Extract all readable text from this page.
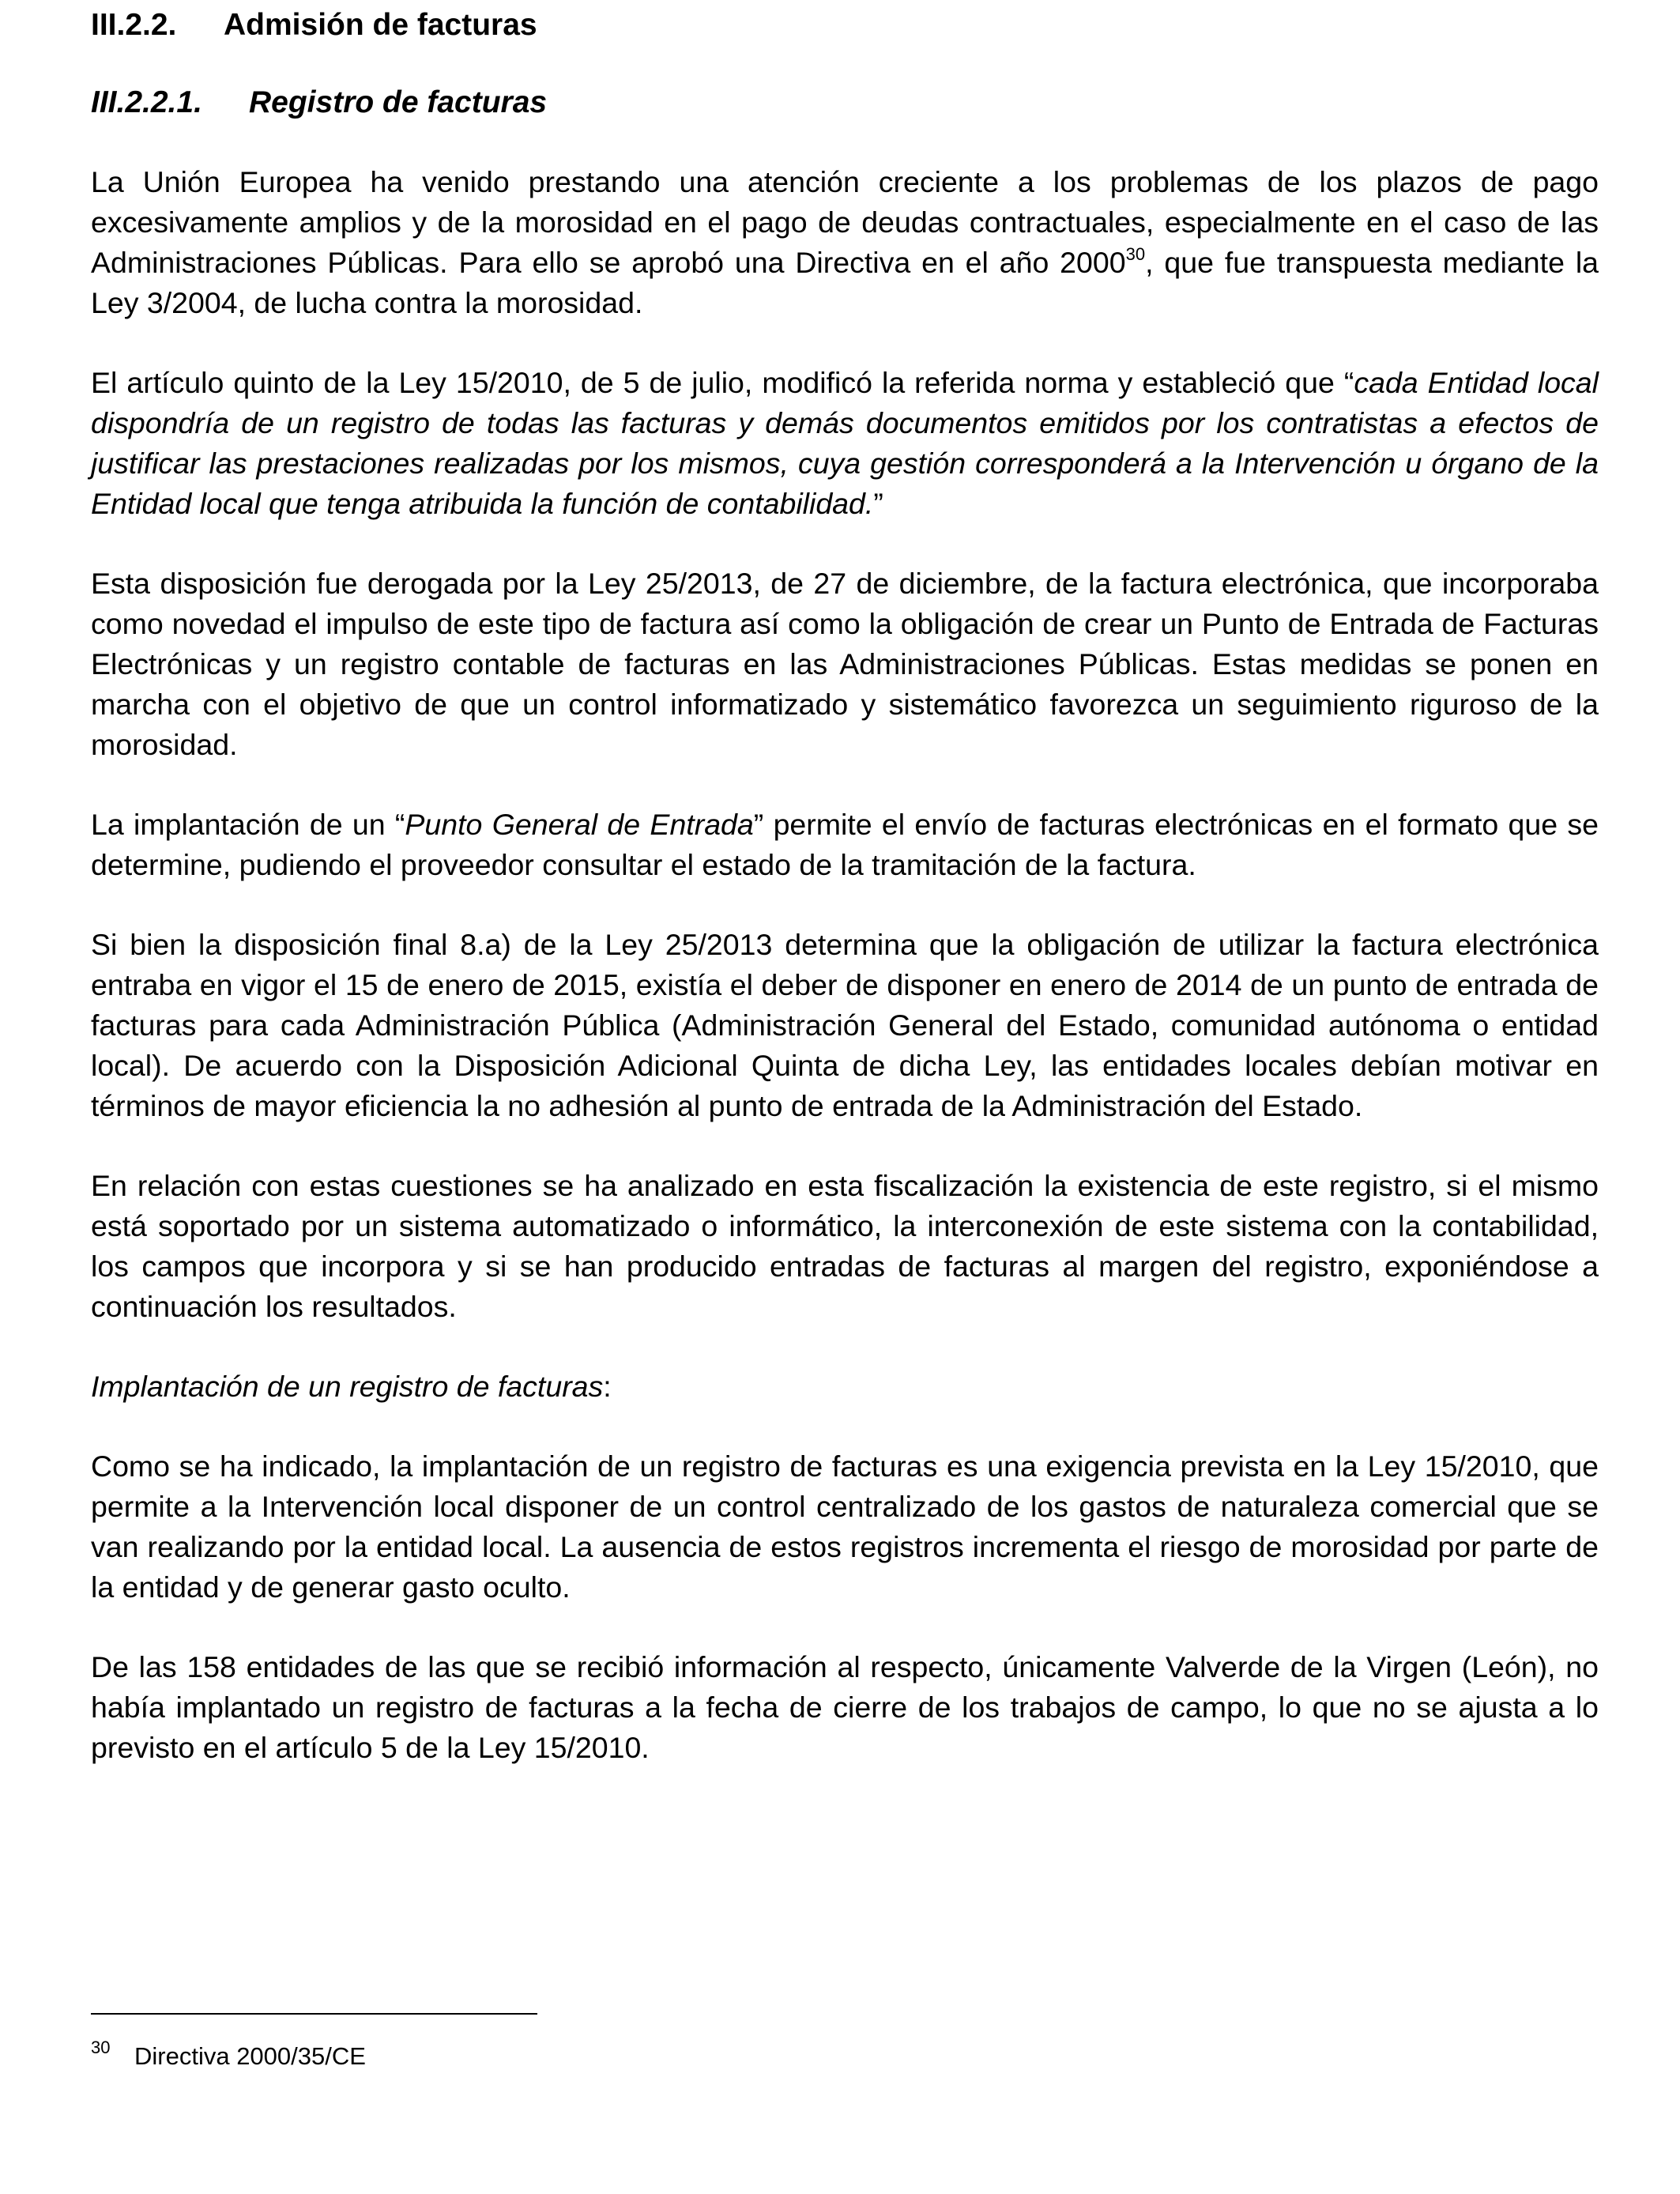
III.2.2. Admisión de facturas
III.2.2.1. Registro de facturas

La Unión Europea ha venido prestando una atención creciente a los problemas de los plazos de pago excesivamente amplios y de la morosidad en el pago de deudas contractuales, especialmente en el caso de las Administraciones Públicas. Para ello se aprobó una Directiva en el año 2000$^{30}$, que fue transpuesta mediante la Ley 3/2004, de lucha contra la morosidad.

El artículo quinto de la Ley 15/2010, de 5 de julio, modificó la referida norma y estableció que “cada Entidad local dispondría de un registro de todas las facturas y demás documentos emitidos por los contratistas a efectos de justificar las prestaciones realizadas por los mismos, cuya gestión corresponderá a la Intervención u órgano de la Entidad local que tenga atribuida la función de contabilidad.”

Esta disposición fue derogada por la Ley 25/2013, de 27 de diciembre, de la factura electrónica, que incorporaba como novedad el impulso de este tipo de factura así como la obligación de crear un Punto de Entrada de Facturas Electrónicas y un registro contable de facturas en las Administraciones Públicas. Estas medidas se ponen en marcha con el objetivo de que un control informatizado y sistemático favorezca un seguimiento riguroso de la morosidad.

La implantación de un “Punto General de Entrada” permite el envío de facturas electrónicas en el formato que se determine, pudiendo el proveedor consultar el estado de la tramitación de la factura.

Si bien la disposición final 8.a) de la Ley 25/2013 determina que la obligación de utilizar la factura electrónica entraba en vigor el 15 de enero de 2015, existía el deber de disponer en enero de 2014 de un punto de entrada de facturas para cada Administración Pública (Administración General del Estado, comunidad autónoma o entidad local). De acuerdo con la Disposición Adicional Quinta de dicha Ley, las entidades locales debían motivar en términos de mayor eficiencia la no adhesión al punto de entrada de la Administración del Estado.

En relación con estas cuestiones se ha analizado en esta fiscalización la existencia de este registro, si el mismo está soportado por un sistema automatizado o informático, la interconexión de este sistema con la contabilidad, los campos que incorpora y si se han producido entradas de facturas al margen del registro, exponiéndose a continuación los resultados.

Implantación de un registro de facturas:

Como se ha indicado, la implantación de un registro de facturas es una exigencia prevista en la Ley 15/2010, que permite a la Intervención local disponer de un control centralizado de los gastos de naturaleza comercial que se van realizando por la entidad local. La ausencia de estos registros incrementa el riesgo de morosidad por parte de la entidad y de generar gasto oculto.

De las 158 entidades de las que se recibió información al respecto, únicamente Valverde de la Virgen (León), no había implantado un registro de facturas a la fecha de cierre de los trabajos de campo, lo que no se ajusta a lo previsto en el artículo 5 de la Ley 15/2010.

30 Directiva 2000/35/CE
